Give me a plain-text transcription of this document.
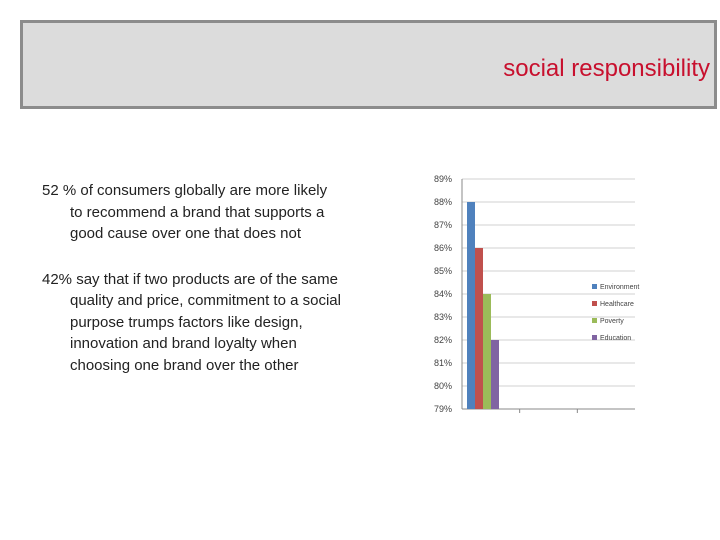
social responsibility

52 % of consumers globally are more likely to recommend a brand that supports a good cause over one that does not

42% say that if two products are of the same quality and price, commitment to a social purpose trumps factors like design, innovation and brand loyalty when choosing one brand over the other

89%
88%
87%
86%
85%
84%
83%
82%
81%
80%
79%
Environment
Healthcare
Poverty
Education
